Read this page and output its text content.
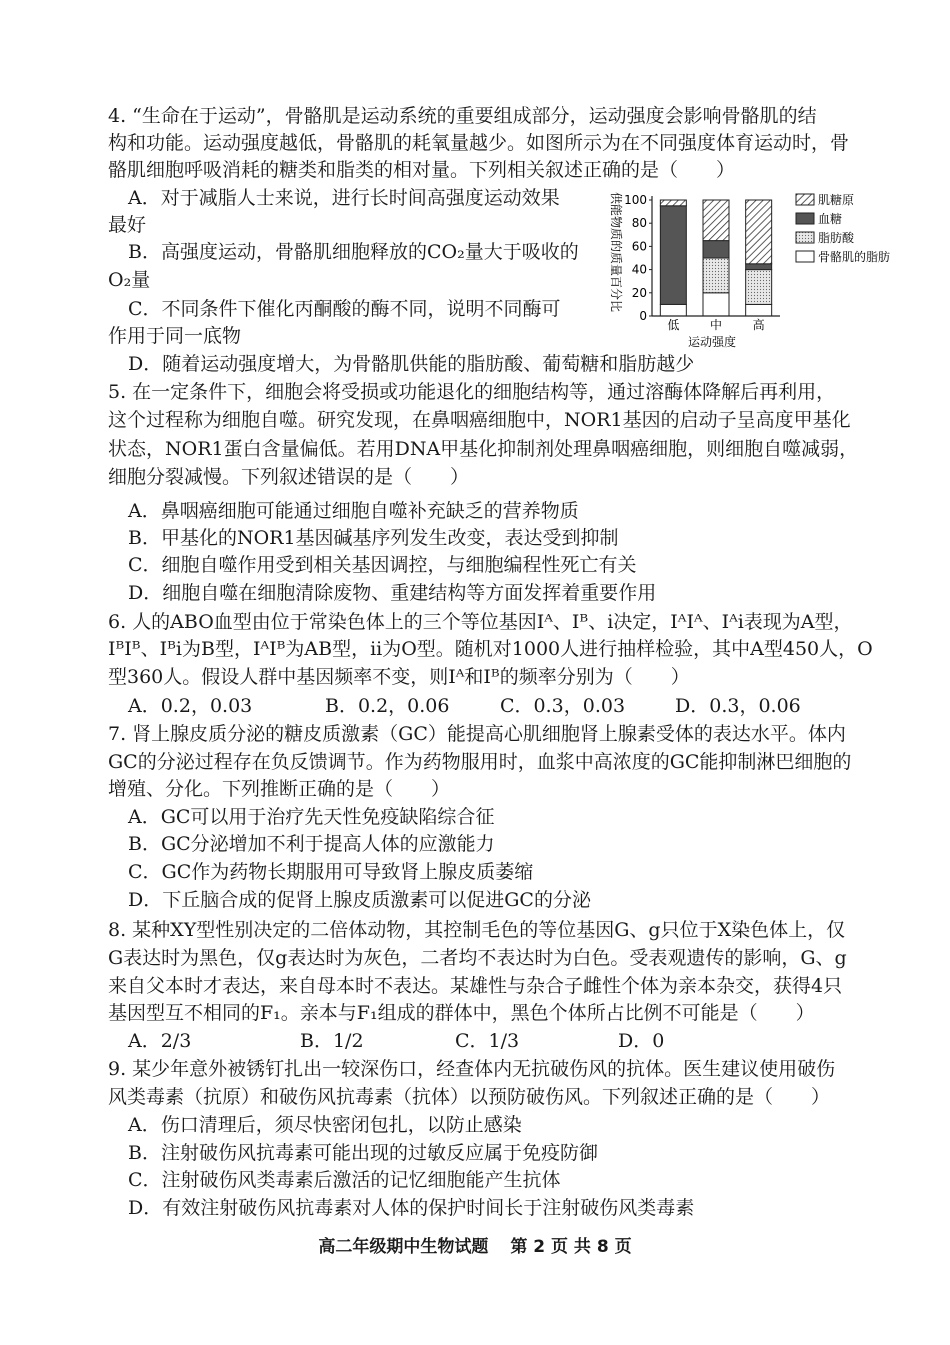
4. “生命在于运动”，骨骼肌是运动系统的重要组成部分，运动强度会影响骨骼肌的结
构和功能。运动强度越低，骨骼肌的耗氧量越少。如图所示为在不同强度体育运动时，骨
骼肌细胞呼吸消耗的糖类和脂类的相对量。下列相关叙述正确的是（　　）
A．对于减脂人士来说，进行长时间高强度运动效果
最好
B．高强度运动，骨骼肌细胞释放的CO₂量大于吸收的
O₂量
C．不同条件下催化丙酮酸的酶不同，说明不同酶可
作用于同一底物
D．随着运动强度增大，为骨骼肌供能的脂肪酸、葡萄糖和脂肪越少
0
20
40
60
80
100
低	中	高
肌糖原
血糖
脂肪酸
骨骼肌的脂肪
供能物质的质量百分比
运动强度
5. 在一定条件下，细胞会将受损或功能退化的细胞结构等，通过溶酶体降解后再利用，
这个过程称为细胞自噬。研究发现，在鼻咽癌细胞中，NOR1基因的启动子呈高度甲基化
状态，NOR1蛋白含量偏低。若用DNA甲基化抑制剂处理鼻咽癌细胞，则细胞自噬减弱，
细胞分裂减慢。下列叙述错误的是（　　）
A．鼻咽癌细胞可能通过细胞自噬补充缺乏的营养物质
B．甲基化的NOR1基因碱基序列发生改变，表达受到抑制
C．细胞自噬作用受到相关基因调控，与细胞编程性死亡有关
D．细胞自噬在细胞清除废物、重建结构等方面发挥着重要作用
6. 人的ABO血型由位于常染色体上的三个等位基因Iᴬ、Iᴮ、i决定，IᴬIᴬ、Iᴬi表现为A型，
IᴮIᴮ、Iᴮi为B型，IᴬIᴮ为AB型，ii为O型。随机对1000人进行抽样检验，其中A型450人，O
型360人。假设人群中基因频率不变，则Iᴬ和Iᴮ的频率分别为（　　）
A．0.2，0.03	B．0.2，0.06	C．0.3，0.03	D．0.3，0.06
7. 肾上腺皮质分泌的糖皮质激素（GC）能提高心肌细胞肾上腺素受体的表达水平。体内
GC的分泌过程存在负反馈调节。作为药物服用时，血浆中高浓度的GC能抑制淋巴细胞的
增殖、分化。下列推断正确的是（　　）
A．GC可以用于治疗先天性免疫缺陷综合征
B．GC分泌增加不利于提高人体的应激能力
C．GC作为药物长期服用可导致肾上腺皮质萎缩
D．下丘脑合成的促肾上腺皮质激素可以促进GC的分泌
8. 某种XY型性别决定的二倍体动物，其控制毛色的等位基因G、g只位于X染色体上，仅
G表达时为黑色，仅g表达时为灰色，二者均不表达时为白色。受表观遗传的影响，G、g
来自父本时才表达，来自母本时不表达。某雄性与杂合子雌性个体为亲本杂交，获得4只
基因型互不相同的F₁。亲本与F₁组成的群体中，黑色个体所占比例不可能是（　　）
A．2/3	B．1/2	C．1/3	D．0
9. 某少年意外被锈钉扎出一较深伤口，经查体内无抗破伤风的抗体。医生建议使用破伤
风类毒素（抗原）和破伤风抗毒素（抗体）以预防破伤风。下列叙述正确的是（　　）
A．伤口清理后，须尽快密闭包扎，以防止感染
B．注射破伤风抗毒素可能出现的过敏反应属于免疫防御
C．注射破伤风类毒素后激活的记忆细胞能产生抗体
D．有效注射破伤风抗毒素对人体的保护时间长于注射破伤风类毒素
高二年级期中生物试题 第 2 页 共 8 页
